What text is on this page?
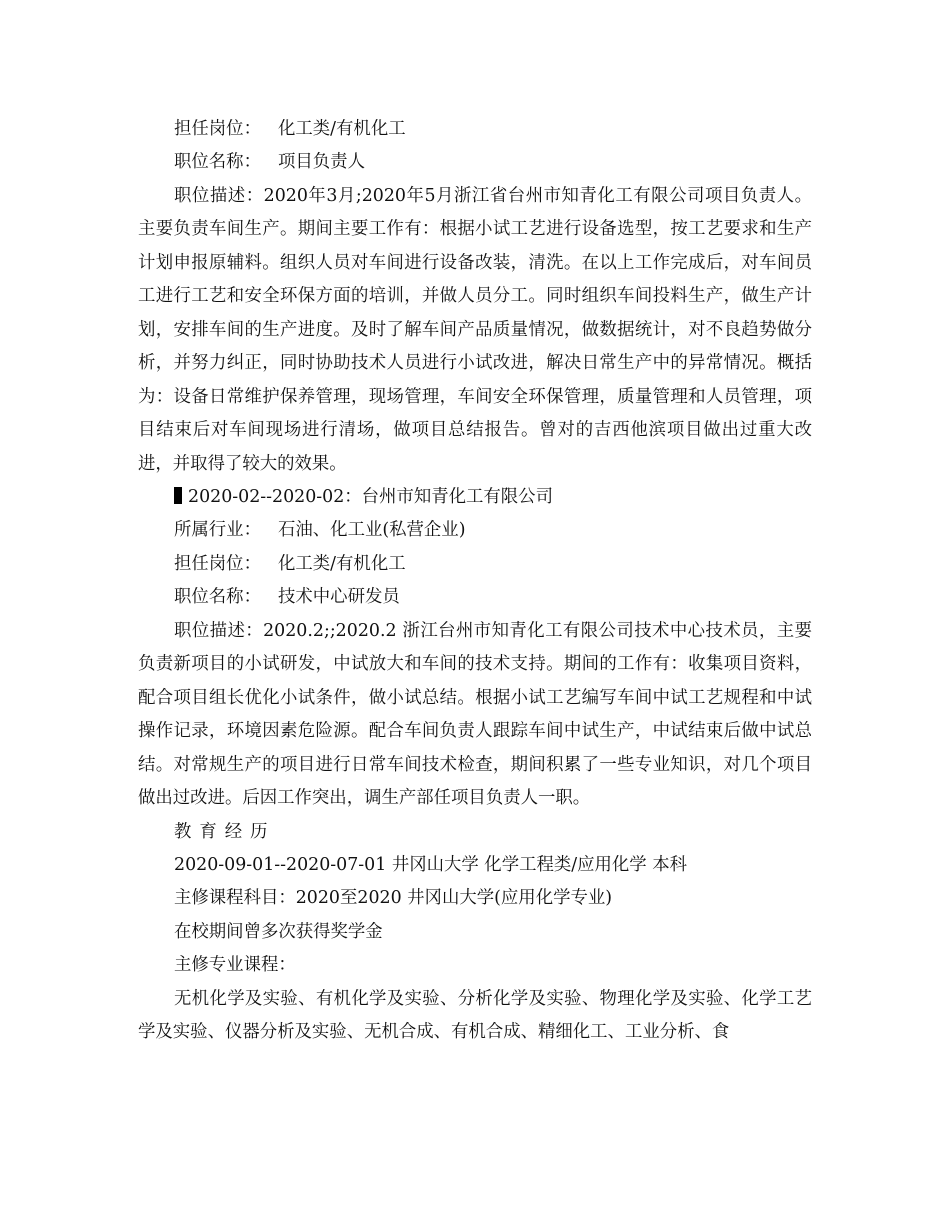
担任岗位： 化工类/有机化工
职位名称： 项目负责人

职位描述：2020年3月;2020年5月浙江省台州市知青化工有限公司项目负责人。主要负责车间生产。期间主要工作有：根据小试工艺进行设备选型，按工艺要求和生产计划申报原辅料。组织人员对车间进行设备改装，清洗。在以上工作完成后，对车间员工进行工艺和安全环保方面的培训，并做人员分工。同时组织车间投料生产，做生产计划，安排车间的生产进度。及时了解车间产品质量情况，做数据统计，对不良趋势做分析，并努力纠正，同时协助技术人员进行小试改进，解决日常生产中的异常情况。概括为：设备日常维护保养管理，现场管理，车间安全环保管理，质量管理和人员管理，项目结束后对车间现场进行清场，做项目总结报告。曾对的吉西他滨项目做出过重大改进，并取得了较大的效果。

2020-02--2020-02：台州市知青化工有限公司
所属行业： 石油、化工业(私营企业)
担任岗位： 化工类/有机化工
职位名称： 技术中心研发员

职位描述：2020.2;;2020.2 浙江台州市知青化工有限公司技术中心技术员，主要负责新项目的小试研发，中试放大和车间的技术支持。期间的工作有：收集项目资料，配合项目组长优化小试条件，做小试总结。根据小试工艺编写车间中试工艺规程和中试操作记录，环境因素危险源。配合车间负责人跟踪车间中试生产，中试结束后做中试总结。对常规生产的项目进行日常车间技术检查，期间积累了一些专业知识，对几个项目做出过改进。后因工作突出，调生产部任项目负责人一职。

教育经历
2020-09-01--2020-07-01 井冈山大学 化学工程类/应用化学 本科
主修课程科目：2020至2020 井冈山大学(应用化学专业)
在校期间曾多次获得奖学金
主修专业课程：

无机化学及实验、有机化学及实验、分析化学及实验、物理化学及实验、化学工艺学及实验、仪器分析及实验、无机合成、有机合成、精细化工、工业分析、食
